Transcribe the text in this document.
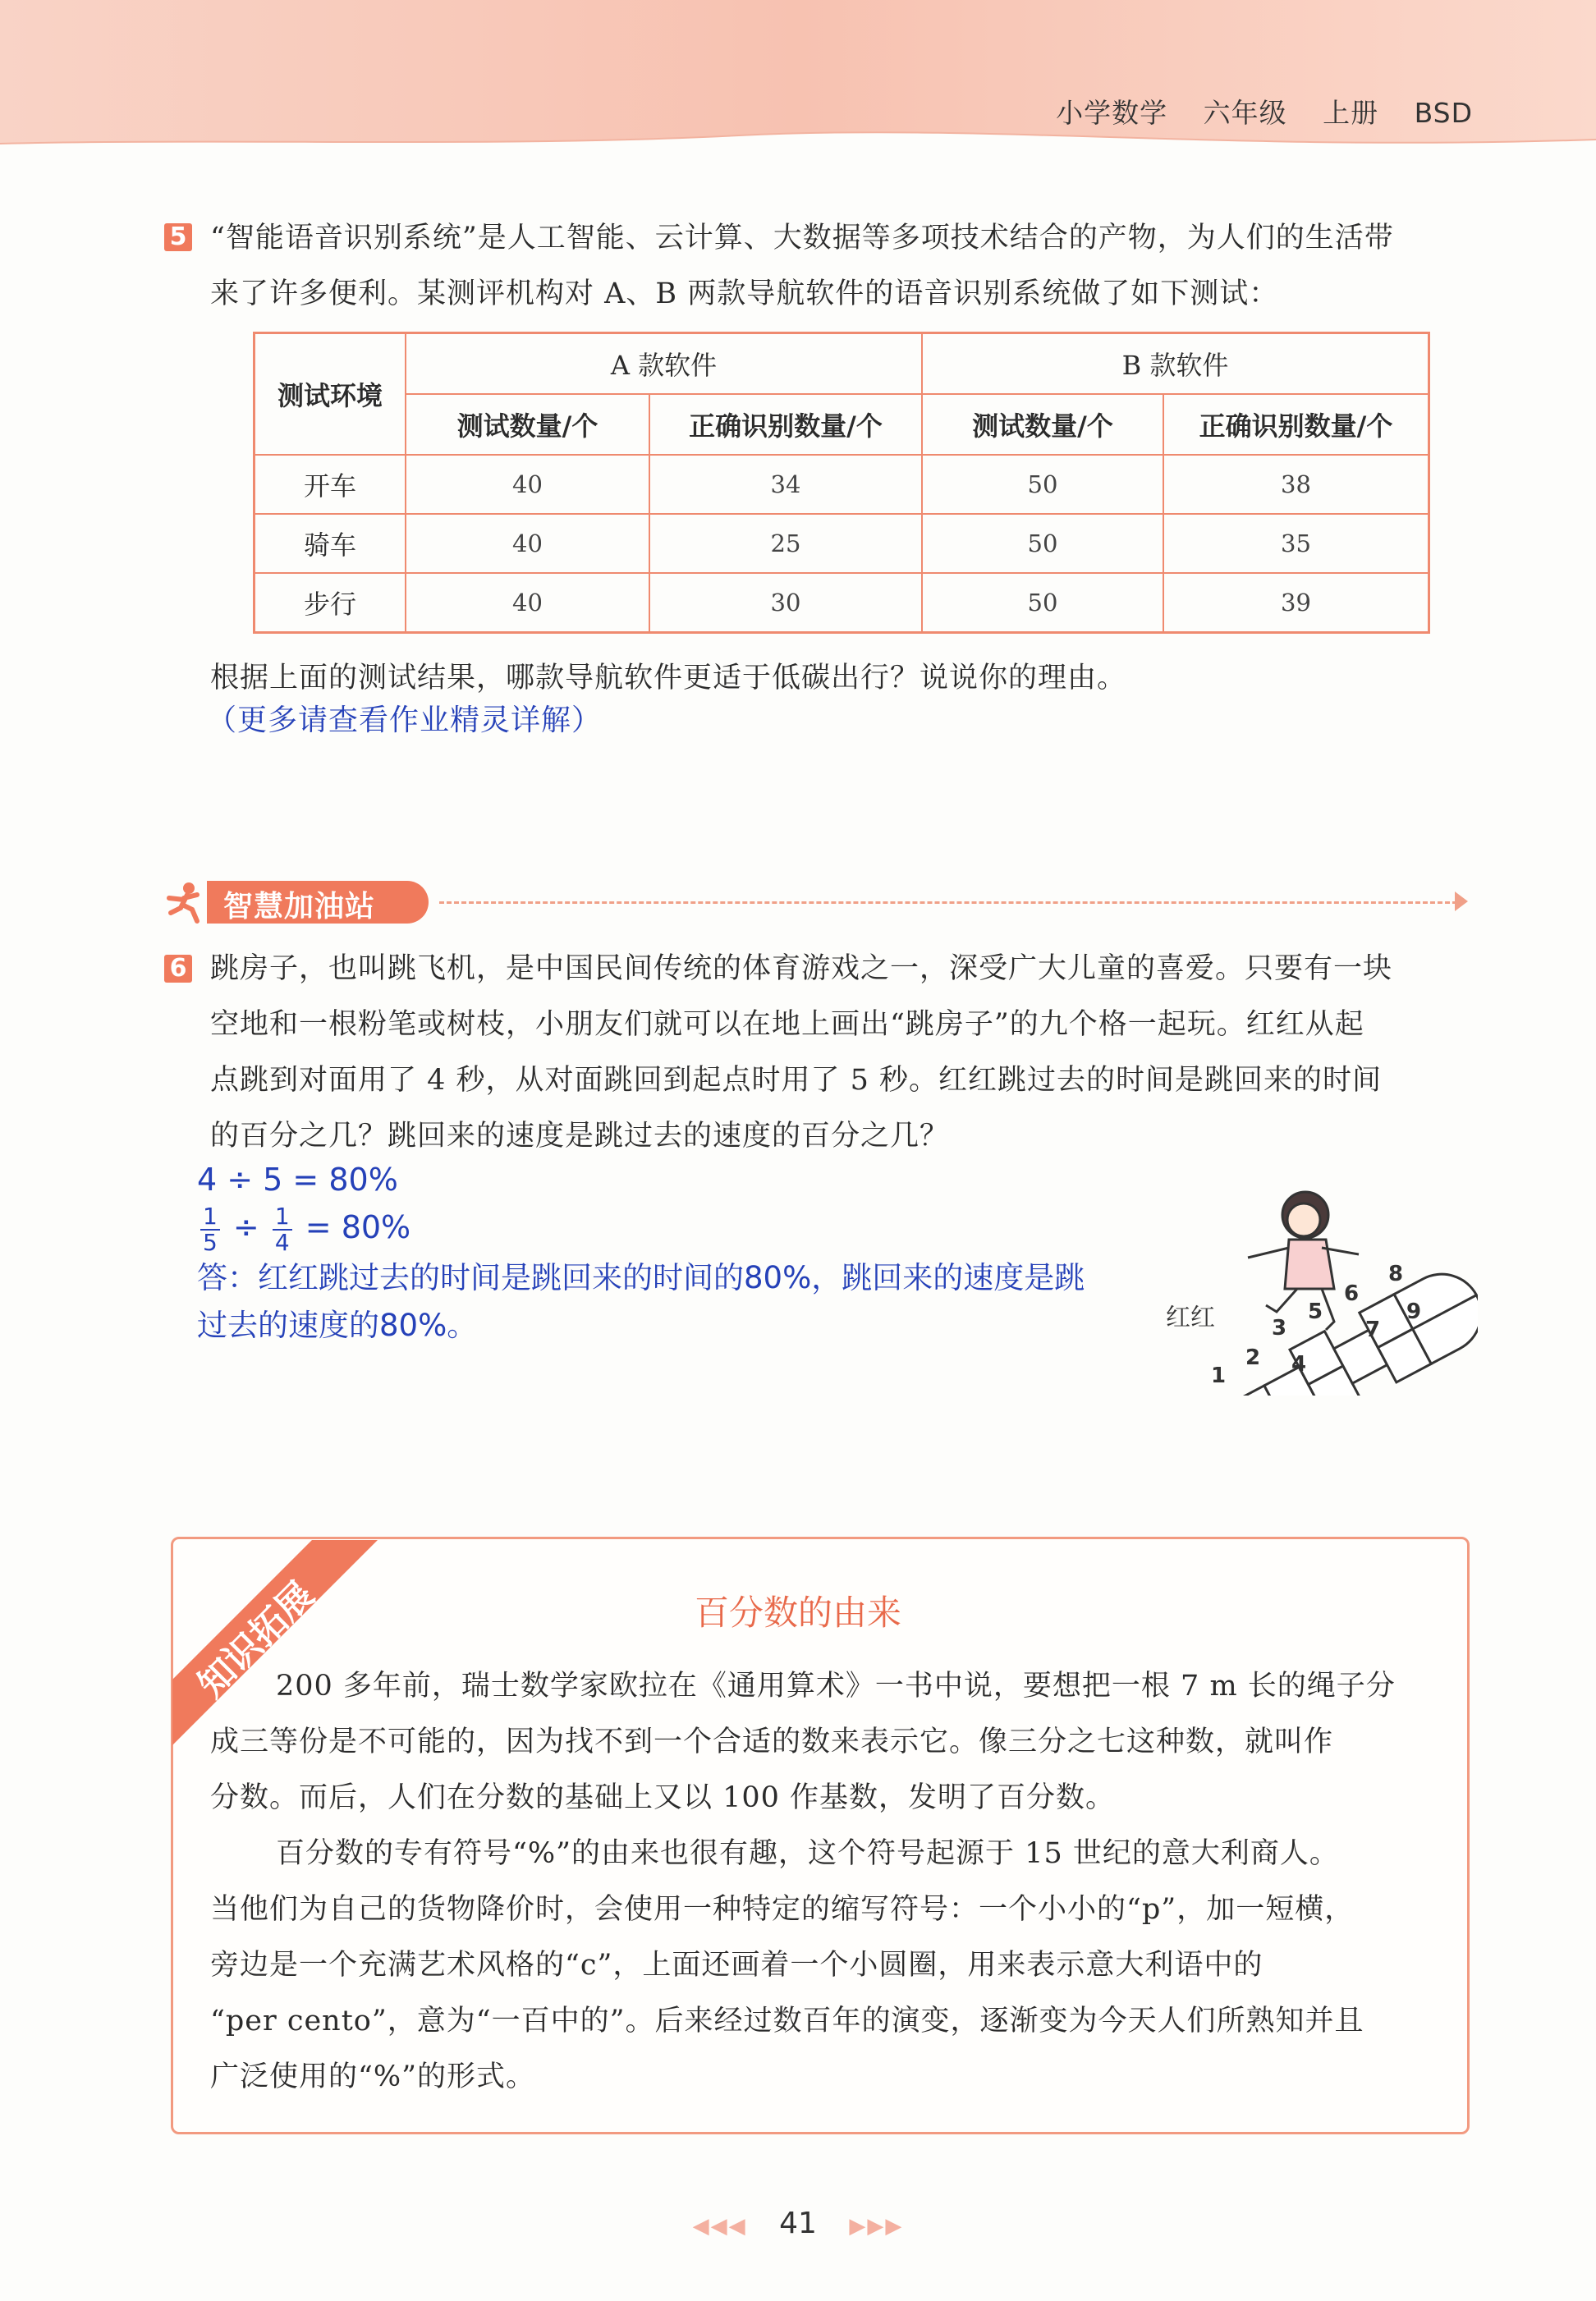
小学数学 六年级 上册 BSD
5 “智能语音识别系统”是人工智能、云计算、大数据等多项技术结合的产物，为人们的生活带
来了许多便利。某测评机构对 A、B 两款导航软件的语音识别系统做了如下测试：
测试环境	A 款软件		B 款软件	
	测试数量/个	正确识别数量/个	测试数量/个	正确识别数量/个
开车	40	34	50	38
骑车	40	25	50	35
步行	40	30	50	39
根据上面的测试结果，哪款导航软件更适于低碳出行？说说你的理由。
（更多请查看作业精灵详解）
智慧加油站
6 跳房子，也叫跳飞机，是中国民间传统的体育游戏之一，深受广大儿童的喜爱。只要有一块
空地和一根粉笔或树枝，小朋友们就可以在地上画出“跳房子”的九个格一起玩。红红从起
点跳到对面用了 4 秒，从对面跳回到起点时用了 5 秒。红红跳过去的时间是跳回来的时间
的百分之几？跳回来的速度是跳过去的速度的百分之几？
4 ÷ 5 = 80%
$\frac{1}{5} \div \frac{1}{4} = 80\%$
答：红红跳过去的时间是跳回来的时间的80%，跳回来的速度是跳
过去的速度的80%。	红红
1
2
3
4
5
6
7
8
9
知识拓展	百分数的由来
200 多年前，瑞士数学家欧拉在《通用算术》一书中说，要想把一根 7 m 长的绳子分
成三等份是不可能的，因为找不到一个合适的数来表示它。像三分之七这种数，就叫作
分数。而后，人们在分数的基础上又以 100 作基数，发明了百分数。
百分数的专有符号“%”的由来也很有趣，这个符号起源于 15 世纪的意大利商人。
当他们为自己的货物降价时，会使用一种特定的缩写符号：一个小小的“p”，加一短横，
旁边是一个充满艺术风格的“c”，上面还画着一个小圆圈，用来表示意大利语中的
“per cento”，意为“一百中的”。后来经过数百年的演变，逐渐变为今天人们所熟知并且
广泛使用的“%”的形式。
◀◀◀ 41 ▶▶▶
